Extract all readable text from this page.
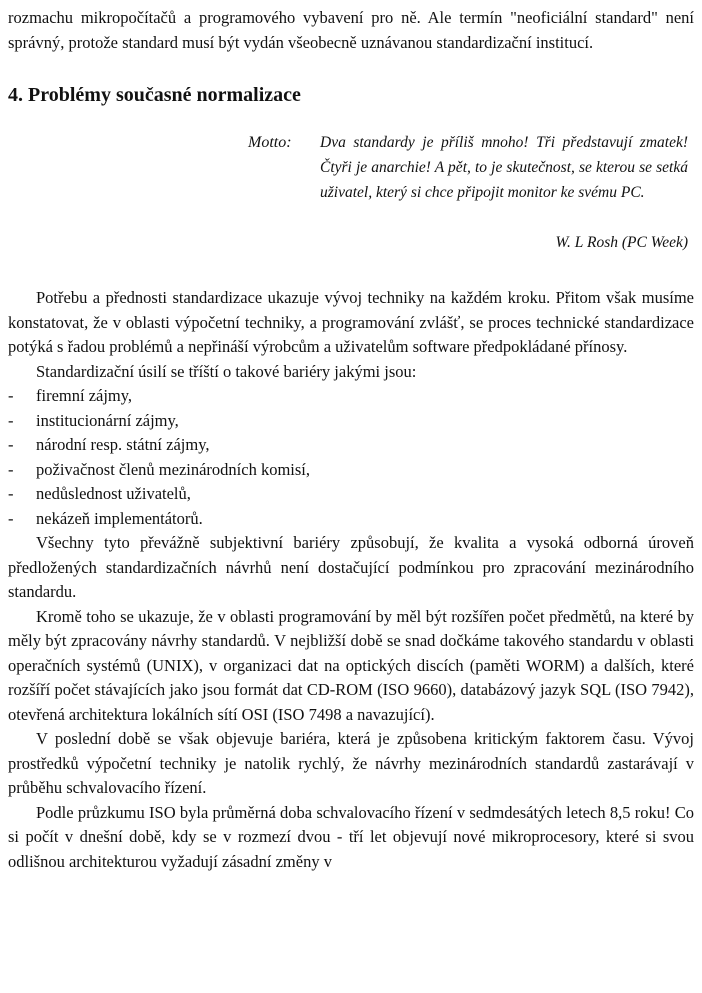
rozmachu mikropočítačů a programového vybavení pro ně. Ale termín "neoficiální standard" není správný, protože standard musí být vydán všeobecně uznávanou standardizační institucí.

4. Problémy současné normalizace
Motto: Dva standardy je příliš mnoho! Tři představují zmatek! Čtyři je anarchie! A pět, to je skutečnost, se kterou se setká uživatel, který si chce připojit monitor ke svému PC.
W. L Rosh (PC Week)

Potřebu a přednosti standardizace ukazuje vývoj techniky na každém kroku. Přitom však musíme konstatovat, že v oblasti výpočetní techniky, a programování zvlášť, se proces technické standardizace potýká s řadou problémů a nepřináší výrobcům a uživatelům software předpokládané přínosy.

Standardizační úsilí se tříští o takové bariéry jakými jsou:

- firemní zájmy,
- institucionární zájmy,
- národní resp. státní zájmy,
- poživačnost členů mezinárodních komisí,
- nedůslednost uživatelů,
- nekázeň implementátorů.

Všechny tyto převážně subjektivní bariéry způsobují, že kvalita a vysoká odborná úroveň předložených standardizačních návrhů není dostačující podmínkou pro zpracování mezinárodního standardu.

Kromě toho se ukazuje, že v oblasti programování by měl být rozšířen počet předmětů, na které by měly být zpracovány návrhy standardů. V nejbližší době se snad dočkáme takového standardu v oblasti operačních systémů (UNIX), v organizaci dat na optických discích (paměti WORM) a dalších, které rozšíří počet stávajících jako jsou formát dat CD-ROM (ISO 9660), databázový jazyk SQL (ISO 7942), otevřená architektura lokálních sítí OSI (ISO 7498 a navazující).

V poslední době se však objevuje bariéra, která je způsobena kritickým faktorem času. Vývoj prostředků výpočetní techniky je natolik rychlý, že návrhy mezinárodních standardů zastarávají v průběhu schvalovacího řízení.

Podle průzkumu ISO byla průměrná doba schvalovacího řízení v sedmdesátých letech 8,5 roku! Co si počít v dnešní době, kdy se v rozmezí dvou - tří let objevují nové mikroprocesory, které si svou odlišnou architekturou vyžadují zásadní změny v
